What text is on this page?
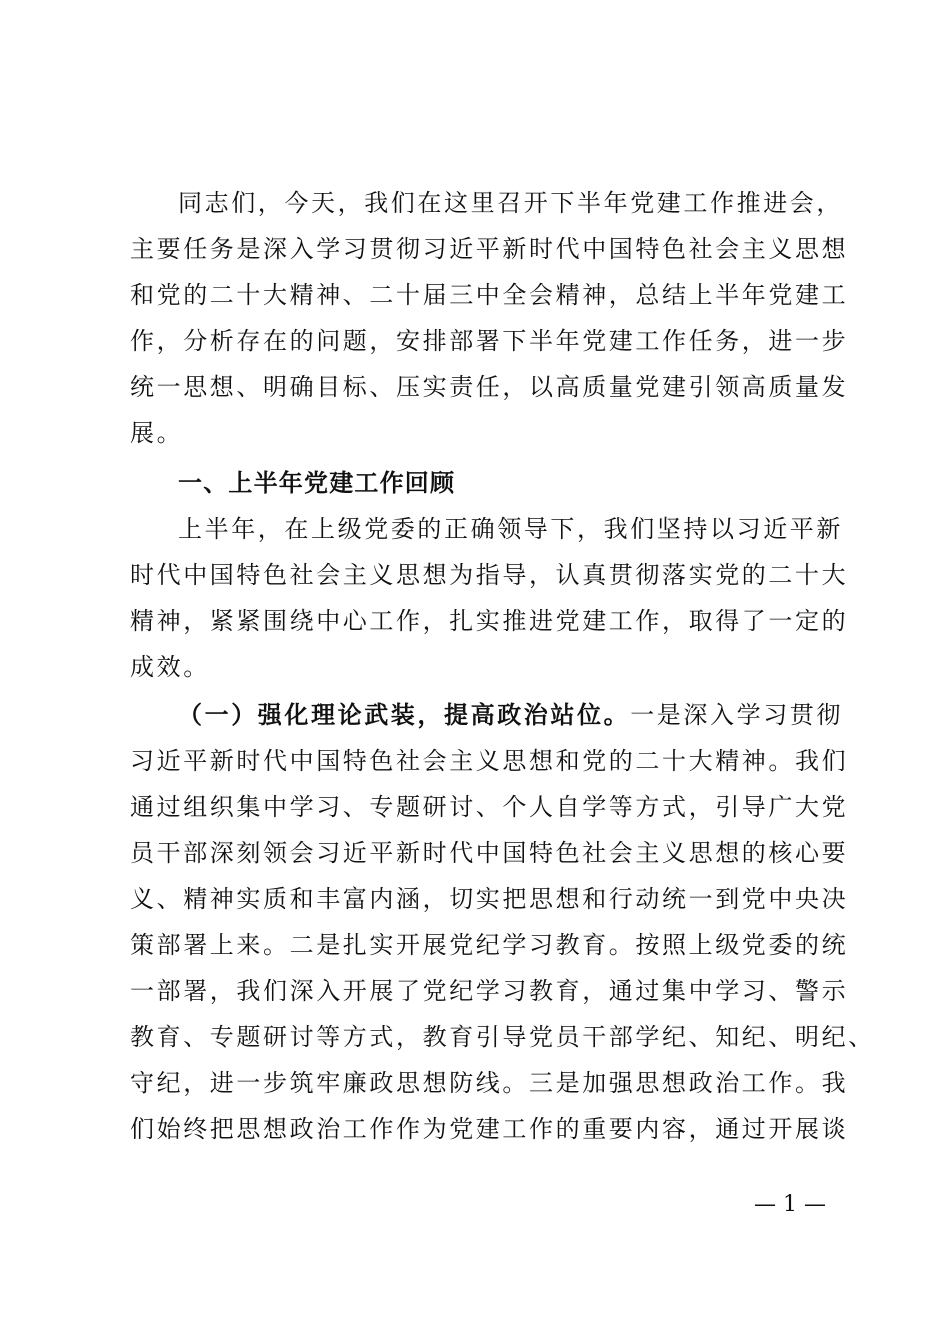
同志们，今天，我们在这里召开下半年党建工作推进会，
主要任务是深入学习贯彻习近平新时代中国特色社会主义思想
和党的二十大精神、二十届三中全会精神，总结上半年党建工
作，分析存在的问题，安排部署下半年党建工作任务，进一步
统一思想、明确目标、压实责任，以高质量党建引领高质量发
展。
一、上半年党建工作回顾
上半年，在上级党委的正确领导下，我们坚持以习近平新
时代中国特色社会主义思想为指导，认真贯彻落实党的二十大
精神，紧紧围绕中心工作，扎实推进党建工作，取得了一定的
成效。
（一）强化理论武装，提高政治站位。一是深入学习贯彻
习近平新时代中国特色社会主义思想和党的二十大精神。我们
通过组织集中学习、专题研讨、个人自学等方式，引导广大党
员干部深刻领会习近平新时代中国特色社会主义思想的核心要
义、精神实质和丰富内涵，切实把思想和行动统一到党中央决
策部署上来。二是扎实开展党纪学习教育。按照上级党委的统
一部署，我们深入开展了党纪学习教育，通过集中学习、警示
教育、专题研讨等方式，教育引导党员干部学纪、知纪、明纪、
守纪，进一步筑牢廉政思想防线。三是加强思想政治工作。我
们始终把思想政治工作作为党建工作的重要内容，通过开展谈
— 1 —
